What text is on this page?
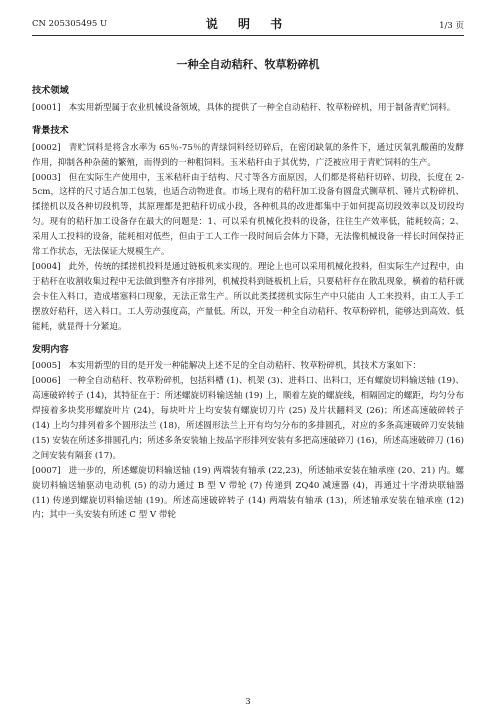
CN 205305495 U	说 明 书	1/3 页
一种全自动秸秆、牧草粉碎机
技术领域

[0001] 本实用新型属于农业机械设备领域，具体的提供了一种全自动秸秆、牧草粉碎机，用于制备青贮饲料。

背景技术

[0002] 青贮饲料是将含水率为 65％-75％的青绿饲料经切碎后，在密闭缺氧的条件下，通过厌氧乳酸菌的发酵作用，抑制各种杂菌的繁殖，而得到的一种粗饲料。玉米秸秆由于其优势，广泛被应用于青贮饲料的生产。

[0003] 但在实际生产使用中，玉米秸秆由于结构、尺寸等各方面原因，人们都是将秸秆切碎、切段，长度在 2-5cm，这样的尺寸适合加工包装，也适合动物进食。市场上现有的秸秆加工设备有圆盘式铡草机、锤片式粉碎机、揉搓机以及各种切段机等，其原理都是把秸秆切成小段，各种机具的改进都集中于如何提高切段效率以及切段均匀。现有的秸秆加工设备存在最大的问题是：1、可以采有机械化投料的设备，往往生产效率低，能耗较高；2、采用人工投料的设备，能耗相对低些，但由于工人工作一段时间后会体力下降，无法像机械设备一样长时间保持正常工作状态，无法保证大规模生产。

[0004] 此外，传统的揉搓机投料是通过链板机来实现的。理论上也可以采用机械化投料，但实际生产过程中，由于秸秆在收割收集过程中无法做到整齐有序排列，机械投料到链板机上后，只要秸秆存在散乱现象，横着的秸秆就会卡住入料口，造成堵塞料口现象，无法正常生产。所以此类揉搓机实际生产中只能由 人工来投料，由工人手工摆放好秸秆，送入料口。工人劳动强度高，产量低。所以，开发一种全自动秸秆、牧草粉碎机，能够达到高效、低能耗，就显得十分紧迫。

发明内容

[0005] 本实用新型的目的是开发一种能解决上述不足的全自动秸秆、牧草粉碎机，其技术方案如下：

[0006] 一种全自动秸秆、牧草粉碎机，包括料槽 (1)、机架 (3)、进料口、出料口，还有螺旋切料输送轴 (19)、高速破碎转子 (14)，其特征在于：所述螺旋切料输送轴 (19) 上，顺着左旋的螺旋线，相隔固定的螺距，均匀分布焊接着多块奖形螺旋叶片 (24)，每块叶片上均安装有螺旋切刀片 (25) 及片状翻料叉 (26)；所述高速破碎转子 (14) 上均匀排列着多个圆形法兰 (18)，所述圆形法兰上开有均匀分布的多排圆孔，对应的多条高速破碎刀安装轴 (15) 安装在所述多排圆孔内；所述多条安装轴上按品字形排列安装有多把高速破碎刀 (16)，所述高速破碎刀 (16) 之间安装有隔套 (17)。

[0007] 进一步的，所述螺旋切料输送轴 (19) 两端装有轴承 (22,23)，所述轴承安装在轴承座 (20、21) 内。螺旋切料输送轴驱动电动机 (5) 的动力通过 B 型 V 带轮 (7) 传递到 ZQ40 减速器 (4)，再通过十字滑块联轴器 (11) 传递到螺旋切料输送轴 (19)。所述高速破碎转子 (14) 两端装有轴承 (13)，所述轴承安装在轴承座 (12) 内；其中一头安装有所述 C 型 V 带轮

3
